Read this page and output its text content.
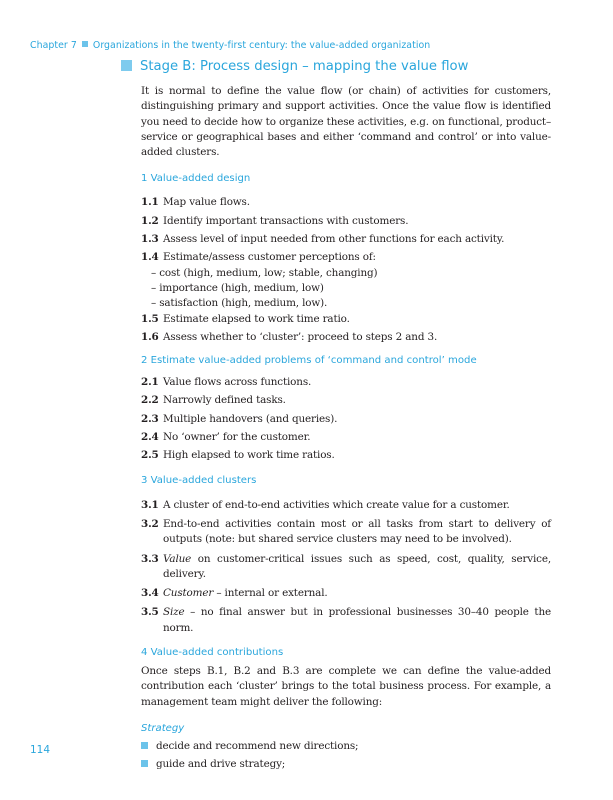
Chapter 7 Organizations in the twenty-first century: the value-added organization
Stage B: Process design – mapping the value flow

It is normal to define the value flow (or chain) of activities for customers, distinguishing primary and support activities. Once the value flow is identified you need to decide how to organize these activities, e.g. on functional, product–service or geographical bases and either ‘command and control’ or into value-added clusters.

1 Value-added design

1.1 Map value flows.

1.2 Identify important transactions with customers.

1.3 Assess level of input needed from other functions for each activity.

1.4 Estimate/assess customer perceptions of:

– cost (high, medium, low; stable, changing)

– importance (high, medium, low)

– satisfaction (high, medium, low).

1.5 Estimate elapsed to work time ratio.

1.6 Assess whether to ‘cluster’: proceed to steps 2 and 3.

2 Estimate value-added problems of ‘command and control’ mode

2.1 Value flows across functions.

2.2 Narrowly defined tasks.

2.3 Multiple handovers (and queries).

2.4 No ‘owner’ for the customer.

2.5 High elapsed to work time ratios.

3 Value-added clusters

3.1 A cluster of end-to-end activities which create value for a customer.

3.2 End-to-end activities contain most or all tasks from start to delivery of outputs (note: but shared service clusters may need to be involved).

3.3 Value on customer-critical issues such as speed, cost, quality, service, delivery.

3.4 Customer – internal or external.

3.5 Size – no final answer but in professional businesses 30–40 people the norm.

4 Value-added contributions

Once steps B.1, B.2 and B.3 are complete we can define the value-added contribution each ‘cluster’ brings to the total business process. For example, a management team might deliver the following:

Strategy

decide and recommend new directions;

guide and drive strategy;

114
